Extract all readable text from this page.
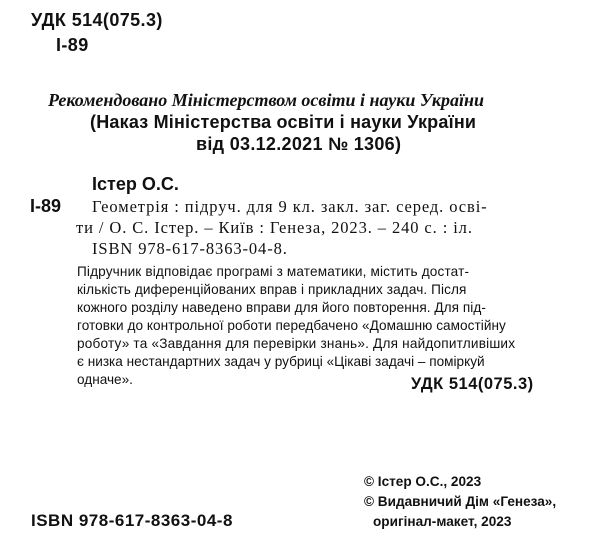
УДК 514(075.3)
І-89
Рекомендовано Міністерством освіти і науки України
(Наказ Міністерства освіти і науки України
від 03.12.2021 № 1306)
Істер О.С.
І-89 Геометрія : підруч. для 9 кл. закл. заг. серед. осві-
ти / О. С. Істер. – Київ : Генеза, 2023. – 240 с. : іл.
ISBN 978-617-8363-04-8.
Підручник відповідає програмі з математики, містить достат-
кількість диференційованих вправ і прикладних задач. Після
кожного розділу наведено вправи для його повторення. Для під-
готовки до контрольної роботи передбачено «Домашню самостійну
роботу» та «Завдання для перевірки знань». Для найдопитливіших
є низка нестандартних задач у рубриці «Цікаві задачі – поміркуй
одначе».	УДК 514(075.3)
© Істер О.С., 2023
© Видавничий Дім «Генеза»,
оригінал-макет, 2023
ISBN 978-617-8363-04-8
